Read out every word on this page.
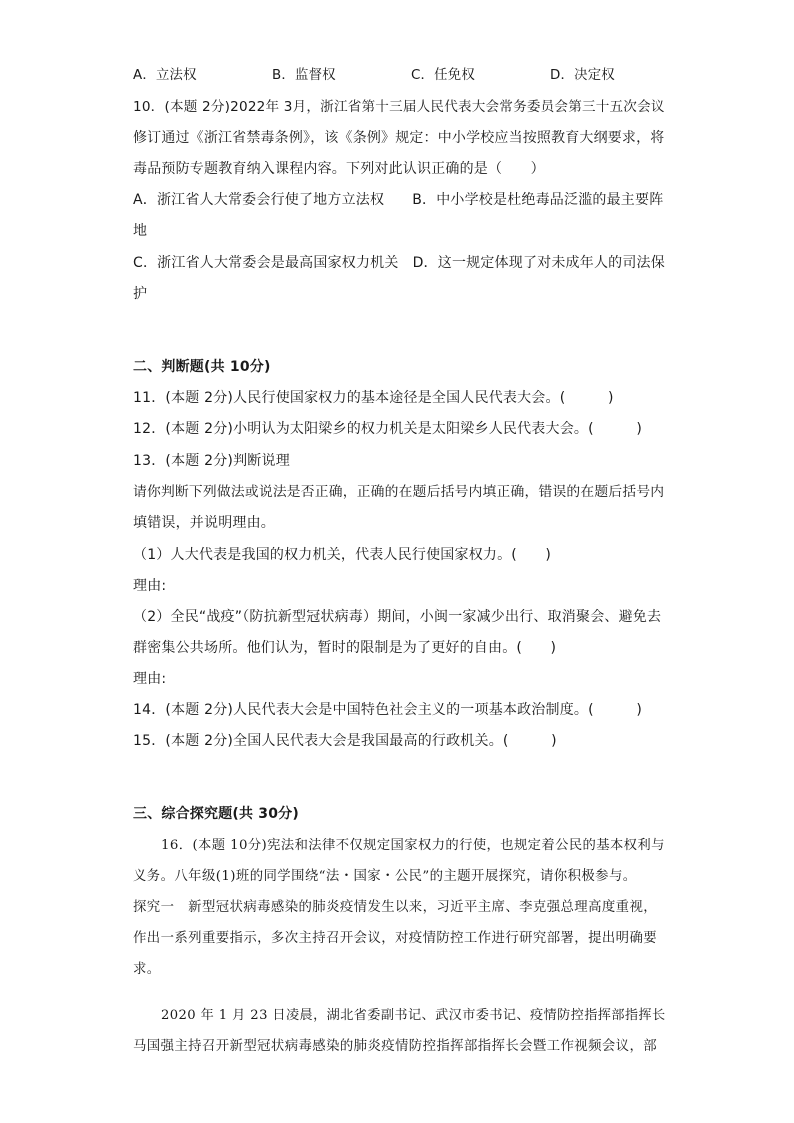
A．立法权	B．监督权	C．任免权	D．决定权
10．(本题 2分)2022年 3月，浙江省第十三届人民代表大会常务委员会第三十五次会议
修订通过《浙江省禁毒条例》，该《条例》规定：中小学校应当按照教育大纲要求，将
毒品预防专题教育纳入课程内容。下列对此认识正确的是（　　）
A．浙江省人大常委会行使了地方立法权 B．中小学校是杜绝毒品泛滥的最主要阵
地
C．浙江省人大常委会是最高国家权力机关 D．这一规定体现了对未成年人的司法保
护
二、判断题(共 10分)
11．(本题 2分)人民行使国家权力的基本途径是全国人民代表大会。(　　　)
12．(本题 2分)小明认为太阳梁乡的权力机关是太阳梁乡人民代表大会。(　　　)
13．(本题 2分)判断说理
请你判断下列做法或说法是否正确，正确的在题后括号内填正确，错误的在题后括号内
填错误，并说明理由。
（1）人大代表是我国的权力机关，代表人民行使国家权力。(　　)
理由:
（2）全民“战疫”（防抗新型冠状病毒）期间，小闽一家减少出行、取消聚会、避免去
群密集公共场所。他们认为，暂时的限制是为了更好的自由。(　　)
理由:
14．(本题 2分)人民代表大会是中国特色社会主义的一项基本政治制度。(　　　)
15．(本题 2分)全国人民代表大会是我国最高的行政机关。(　　　)
三、综合探究题(共 30分)
16．(本题 10分)宪法和法律不仅规定国家权力的行使，也规定着公民的基本权利与
义务。八年级(1)班的同学围绕“法・国家・公民”的主题开展探究，请你积极参与。
探究一　新型冠状病毒感染的肺炎疫情发生以来，习近平主席、李克强总理高度重视，
作出一系列重要指示，多次主持召开会议，对疫情防控工作进行研究部署，提出明确要
求。
2020 年 1 月 23 日凌晨，湖北省委副书记、武汉市委书记、疫情防控指挥部指挥长
马国强主持召开新型冠状病毒感染的肺炎疫情防控指挥部指挥长会暨工作视频会议，部
